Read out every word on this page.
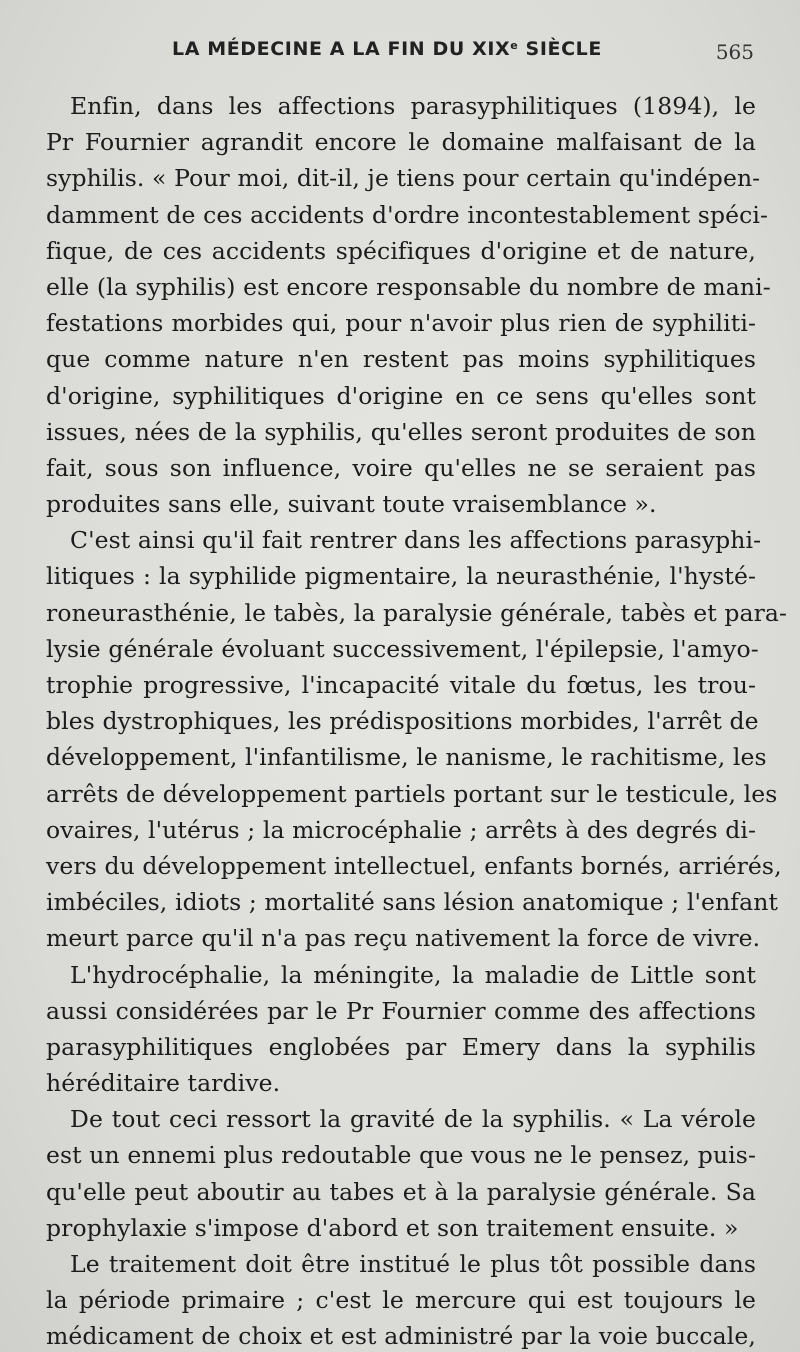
LA MÉDECINE A LA FIN DU XIXe SIÈCLE	565
Enfin, dans les affections parasyphilitiques (1894), le
Pr Fournier agrandit encore le domaine malfaisant de la
syphilis. « Pour moi, dit-il, je tiens pour certain qu'indépen-
damment de ces accidents d'ordre incontestablement spéci-
fique, de ces accidents spécifiques d'origine et de nature,
elle (la syphilis) est encore responsable du nombre de mani-
festations morbides qui, pour n'avoir plus rien de syphiliti-
que comme nature n'en restent pas moins syphilitiques
d'origine, syphilitiques d'origine en ce sens qu'elles sont
issues, nées de la syphilis, qu'elles seront produites de son
fait, sous son influence, voire qu'elles ne se seraient pas
produites sans elle, suivant toute vraisemblance ».
C'est ainsi qu'il fait rentrer dans les affections parasyphi-
litiques : la syphilide pigmentaire, la neurasthénie, l'hysté-
roneurasthénie, le tabès, la paralysie générale, tabès et para-
lysie générale évoluant successivement, l'épilepsie, l'amyo-
trophie progressive, l'incapacité vitale du fœtus, les trou-
bles dystrophiques, les prédispositions morbides, l'arrêt de
développement, l'infantilisme, le nanisme, le rachitisme, les
arrêts de développement partiels portant sur le testicule, les
ovaires, l'utérus ; la microcéphalie ; arrêts à des degrés di-
vers du développement intellectuel, enfants bornés, arriérés,
imbéciles, idiots ; mortalité sans lésion anatomique ; l'enfant
meurt parce qu'il n'a pas reçu nativement la force de vivre.
L'hydrocéphalie, la méningite, la maladie de Little sont
aussi considérées par le Pr Fournier comme des affections
parasyphilitiques englobées par Emery dans la syphilis
héréditaire tardive.
De tout ceci ressort la gravité de la syphilis. « La vérole
est un ennemi plus redoutable que vous ne le pensez, puis-
qu'elle peut aboutir au tabes et à la paralysie générale. Sa
prophylaxie s'impose d'abord et son traitement ensuite. »
Le traitement doit être institué le plus tôt possible dans
la période primaire ; c'est le mercure qui est toujours le
médicament de choix et est administré par la voie buccale,
